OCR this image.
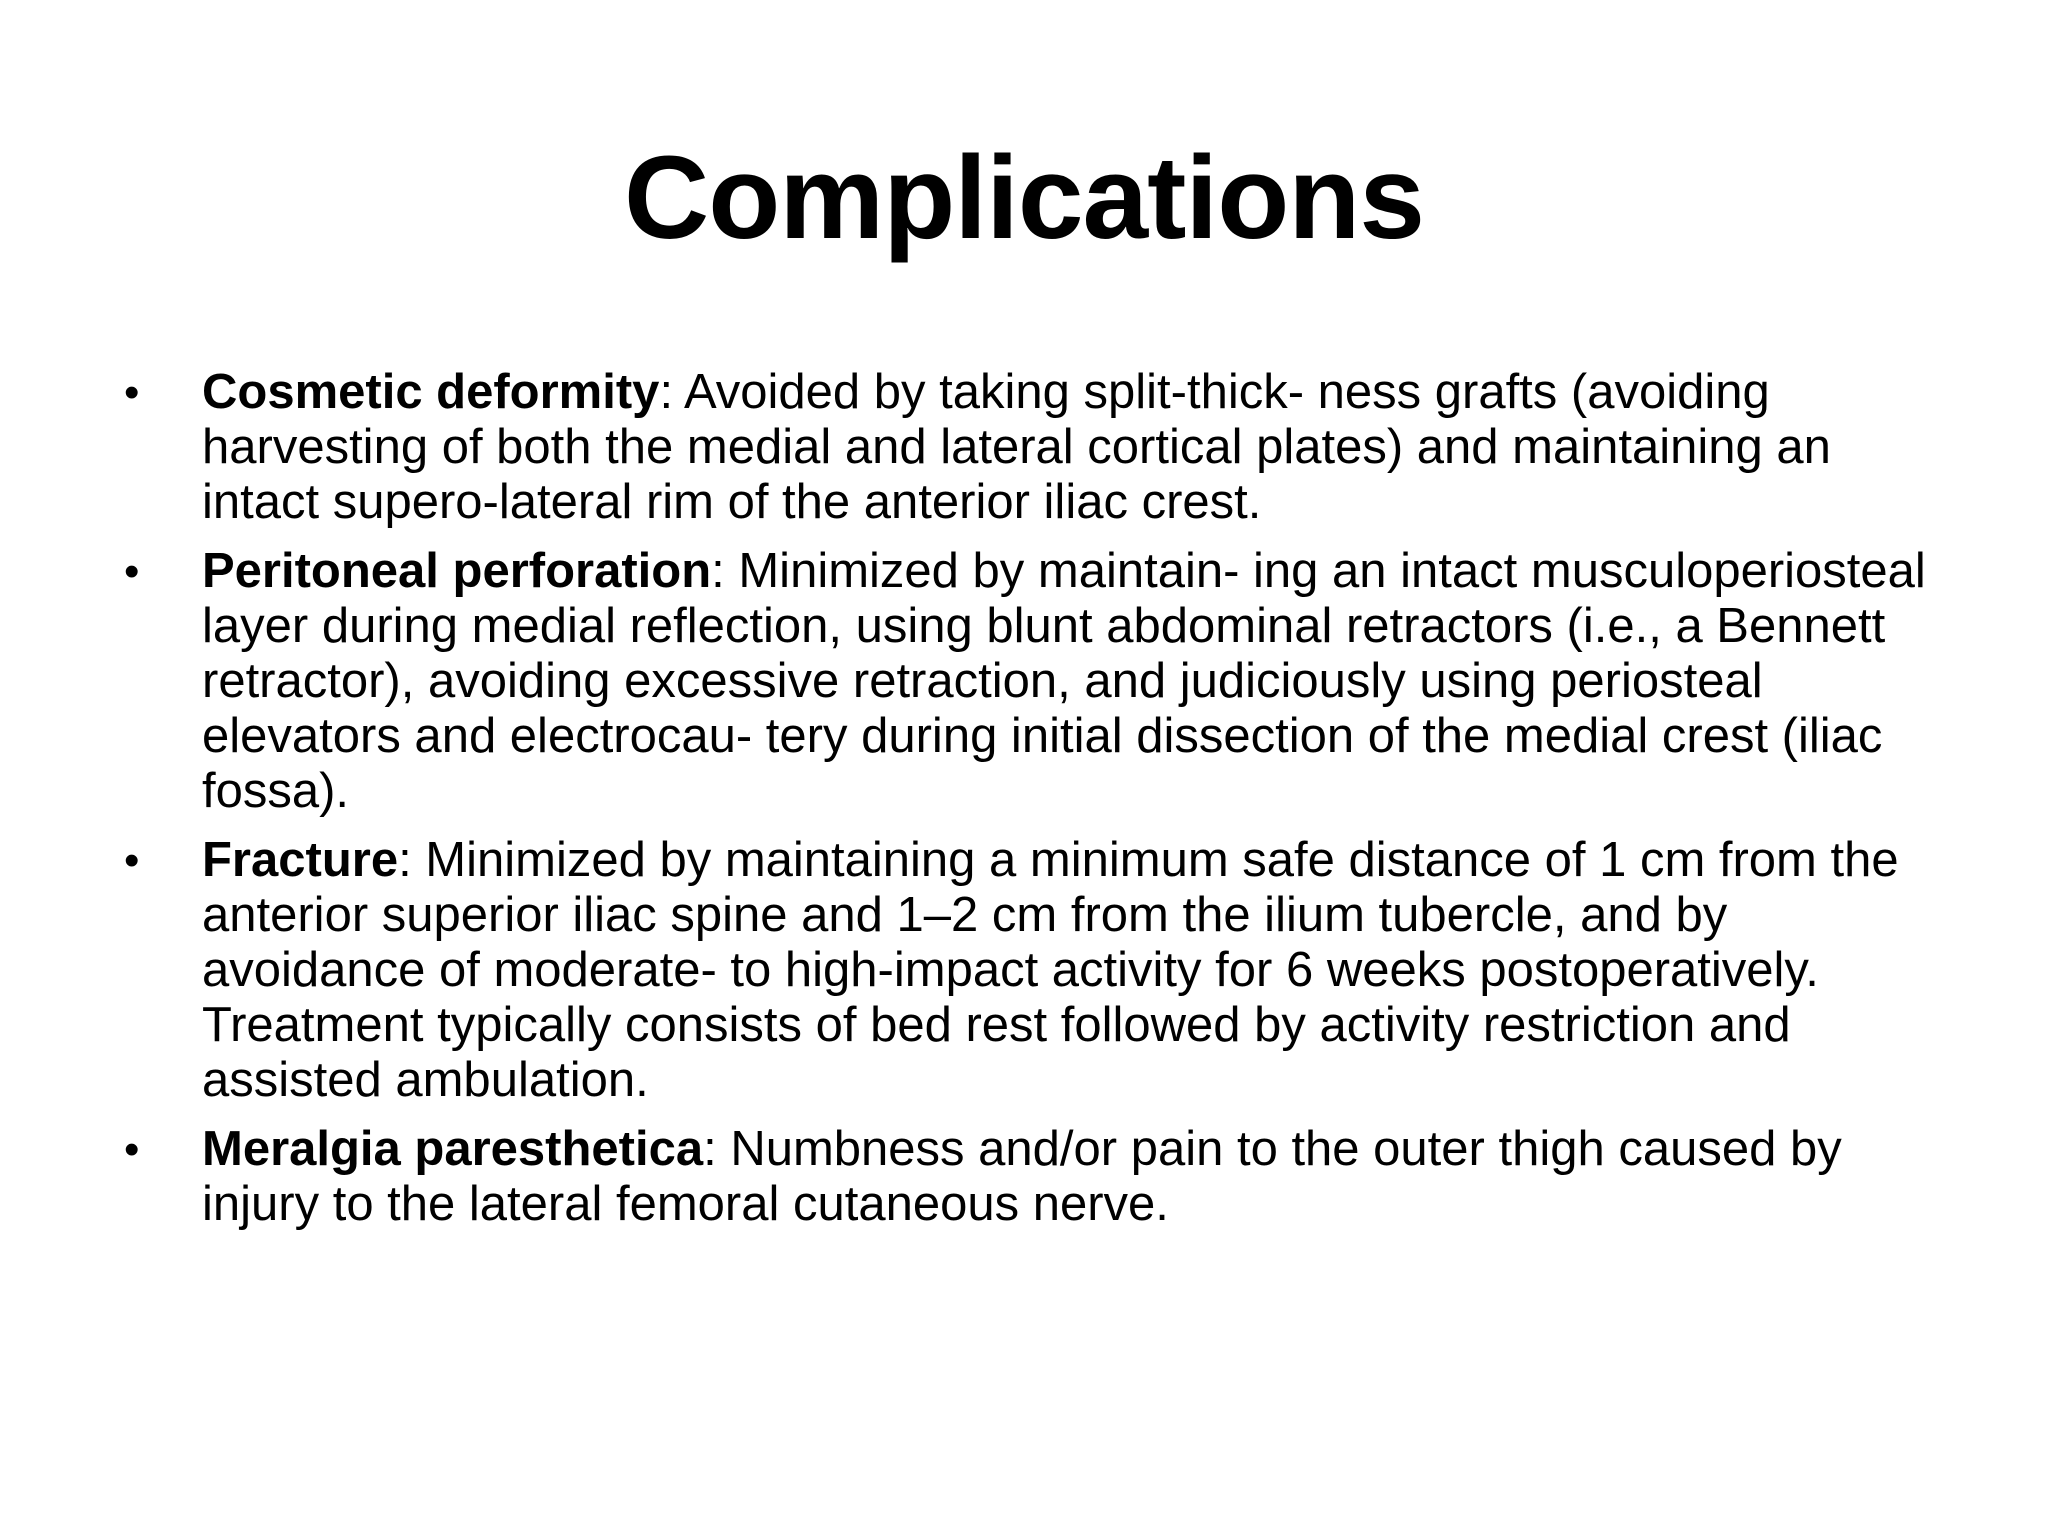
Complications
•	Cosmetic deformity: Avoided by taking split-thick- ness grafts (avoiding harvesting of both the medial and lateral cortical plates) and maintaining an intact supero-lateral rim of the anterior iliac crest.
•	Peritoneal perforation: Minimized by maintain- ing an intact musculoperiosteal layer during medial reflection, using blunt abdominal retractors (i.e., a Bennett retractor), avoiding excessive retraction, and judiciously using periosteal elevators and electrocau- tery during initial dissection of the medial crest (iliac fossa).
•	Fracture: Minimized by maintaining a minimum safe distance of 1 cm from the anterior superior iliac spine and 1–2 cm from the ilium tubercle, and by avoidance of moderate- to high-impact activity for 6 weeks postoperatively. Treatment typically consists of bed rest followed by activity restriction and assisted ambulation.
•	Meralgia paresthetica: Numbness and/or pain to the outer thigh caused by injury to the lateral femoral cutaneous nerve.
